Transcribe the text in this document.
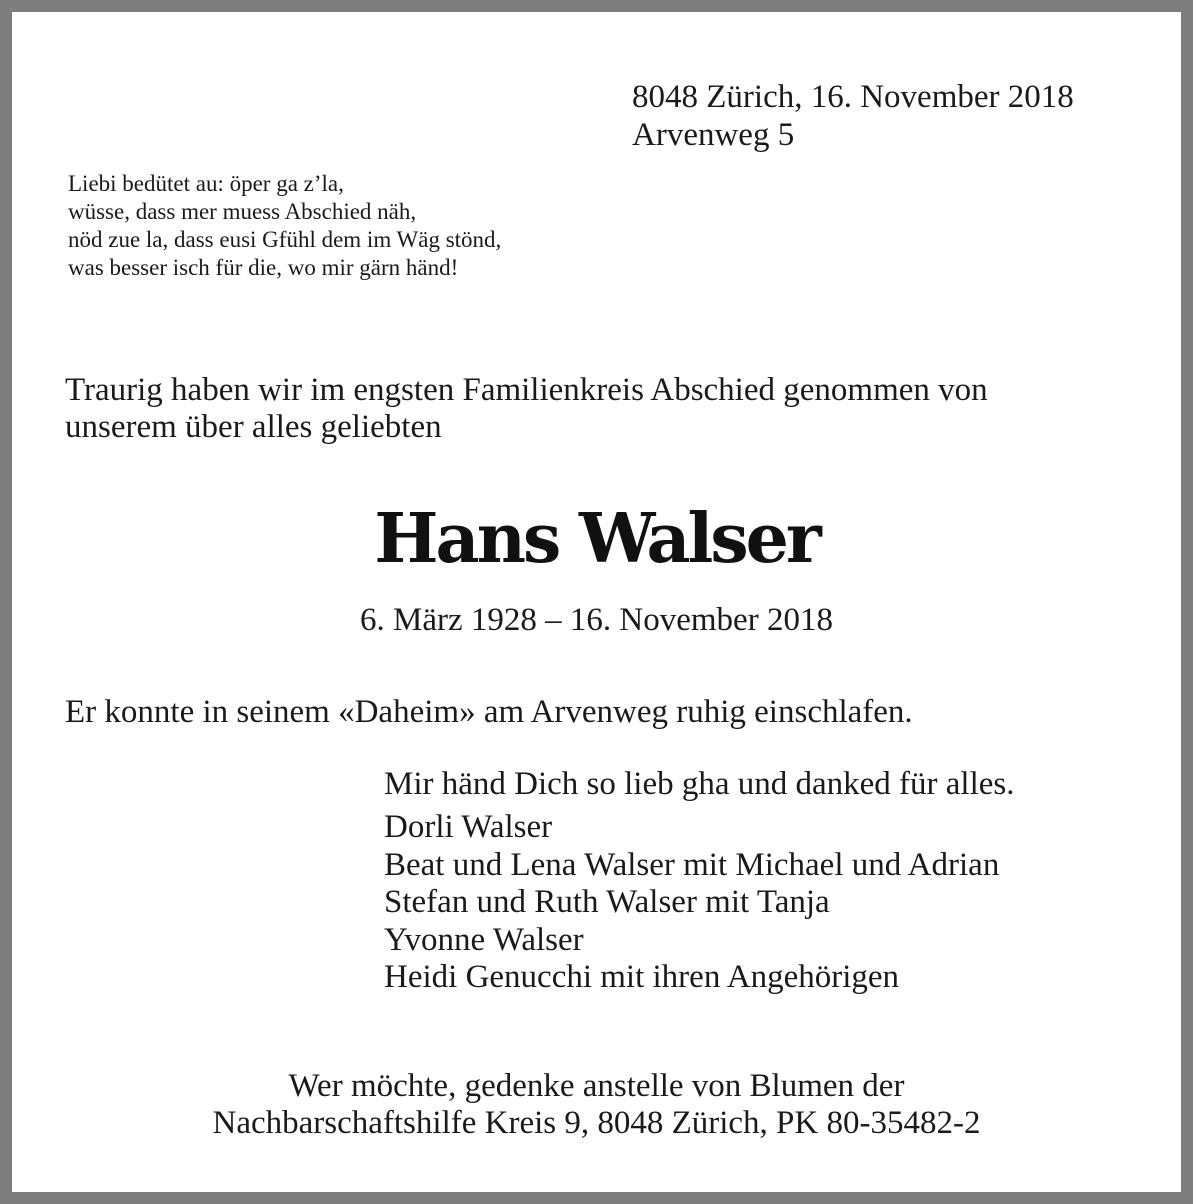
8048 Zürich, 16. November 2018
Arvenweg 5
Liebi bedütet au: öper ga z’la,
wüsse, dass mer muess Abschied näh,
nöd zue la, dass eusi Gfühl dem im Wäg stönd,
was besser isch für die, wo mir gärn händ!
Traurig haben wir im engsten Familienkreis Abschied genommen von
unserem über alles geliebten
Hans Walser
6. März 1928 – 16. November 2018
Er konnte in seinem «Daheim» am Arvenweg ruhig einschlafen.
Mir händ Dich so lieb gha und danked für alles.
Dorli Walser
Beat und Lena Walser mit Michael und Adrian
Stefan und Ruth Walser mit Tanja
Yvonne Walser
Heidi Genucchi mit ihren Angehörigen
Wer möchte, gedenke anstelle von Blumen der
Nachbarschaftshilfe Kreis 9, 8048 Zürich, PK 80-35482-2
